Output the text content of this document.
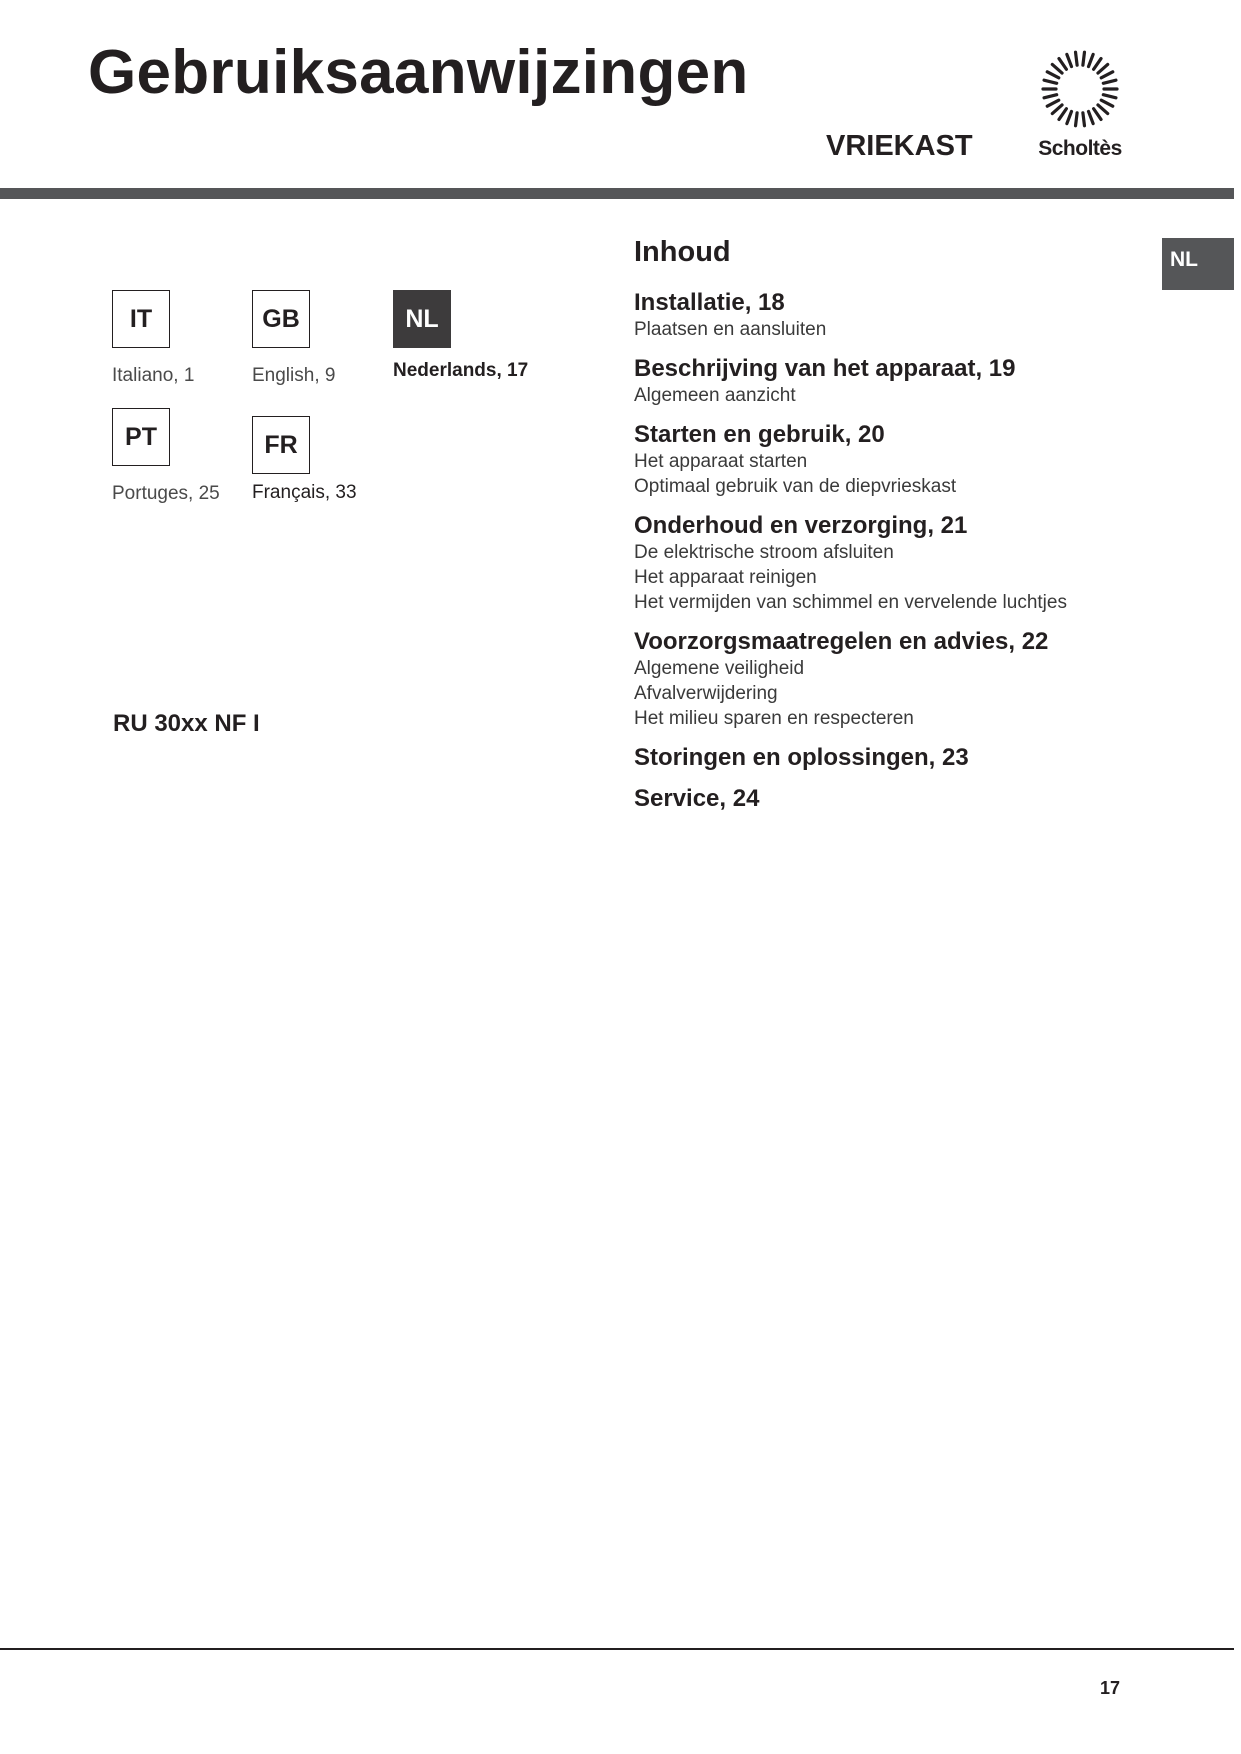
Gebruiksaanwijzingen
VRIEKAST	Scholtès
NL
IT
Italiano, 1
GB
English, 9
NL
Nederlands, 17
PT
Portuges, 25
FR
Français, 33
RU 30xx NF I
Inhoud
Installatie, 18
Plaatsen en aansluiten
Beschrijving van het apparaat, 19
Algemeen aanzicht
Starten en gebruik, 20
Het apparaat starten
Optimaal gebruik van de diepvrieskast
Onderhoud en verzorging, 21
De elektrische stroom afsluiten
Het apparaat reinigen
Het vermijden van schimmel en vervelende luchtjes
Voorzorgsmaatregelen en advies, 22
Algemene veiligheid
Afvalverwijdering
Het milieu sparen en respecteren
Storingen en oplossingen, 23
Service, 24
17
